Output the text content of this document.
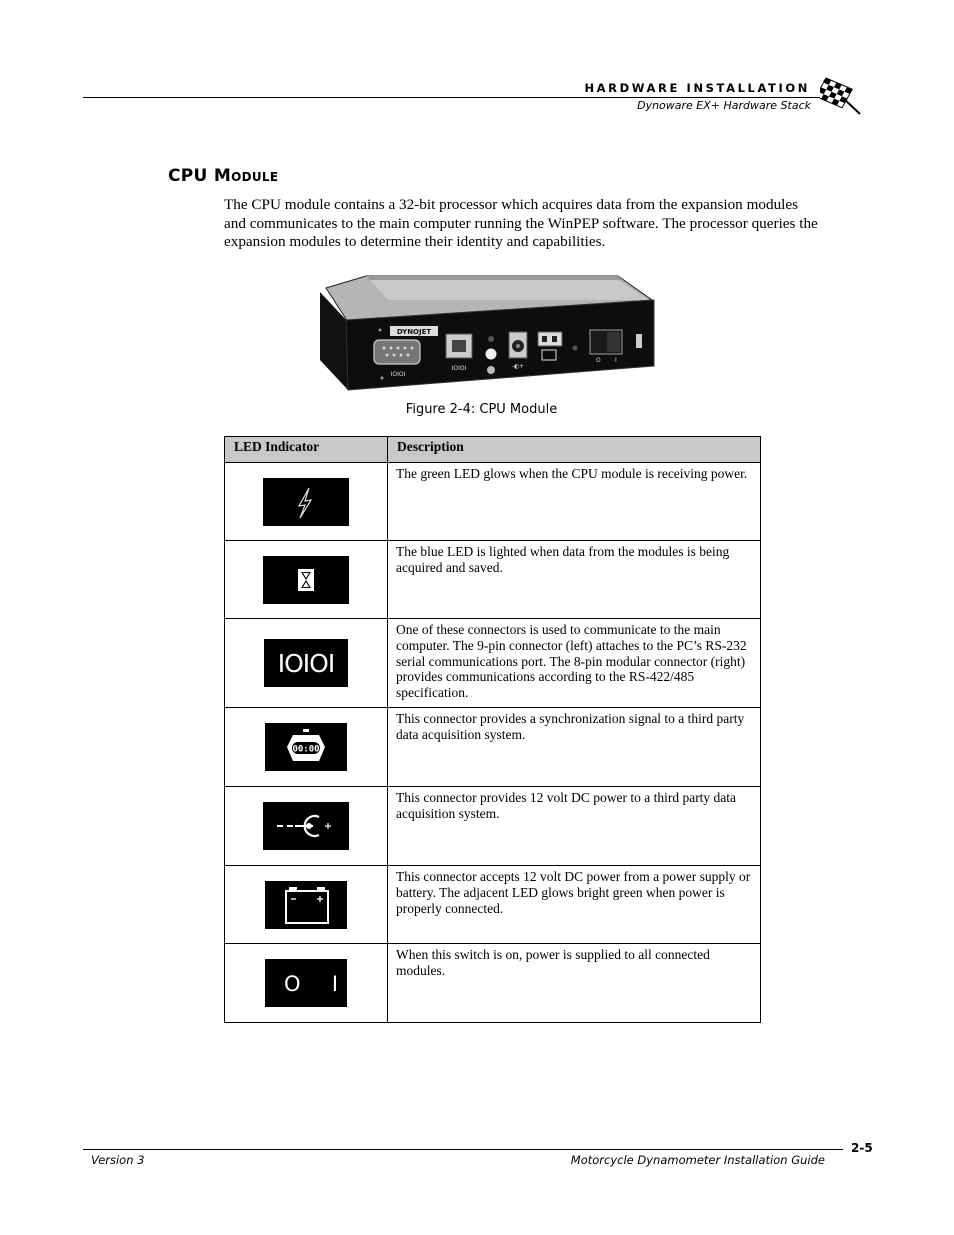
HARDWARE INSTALLATION
Dynoware EX+ Hardware Stack
CPU Module
The CPU module contains a 32-bit processor which acquires data from the expansion modules and communicates to the main computer running the WinPEP software. The processor queries the expansion modules to determine their identity and capabilities.
DYNOJET
IOIOI
IOIOI	-◐+
O I
Figure 2-4: CPU Module
LED Indicator	Description

	The green LED glows when the CPU module is receiving power.

	The blue LED is lighted when data from the modules is being acquired and saved.

IOIOI	One of these connectors is used to communicate to the main computer. The 9-pin connector (left) attaches to the PC’s RS-232 serial communications port. The 8-pin modular connector (right) provides communications according to the RS-422/485 specification.

00:00	This connector provides a synchronization signal to a third party data acquisition system.

	This connector provides 12 volt DC power to a third party data acquisition system.

	This connector accepts 12 volt DC power from a power supply or battery. The adjacent LED glows bright green when power is properly connected.

O I	When this switch is on, power is supplied to all connected modules.
2-5
Version 3	Motorcycle Dynamometer Installation Guide
